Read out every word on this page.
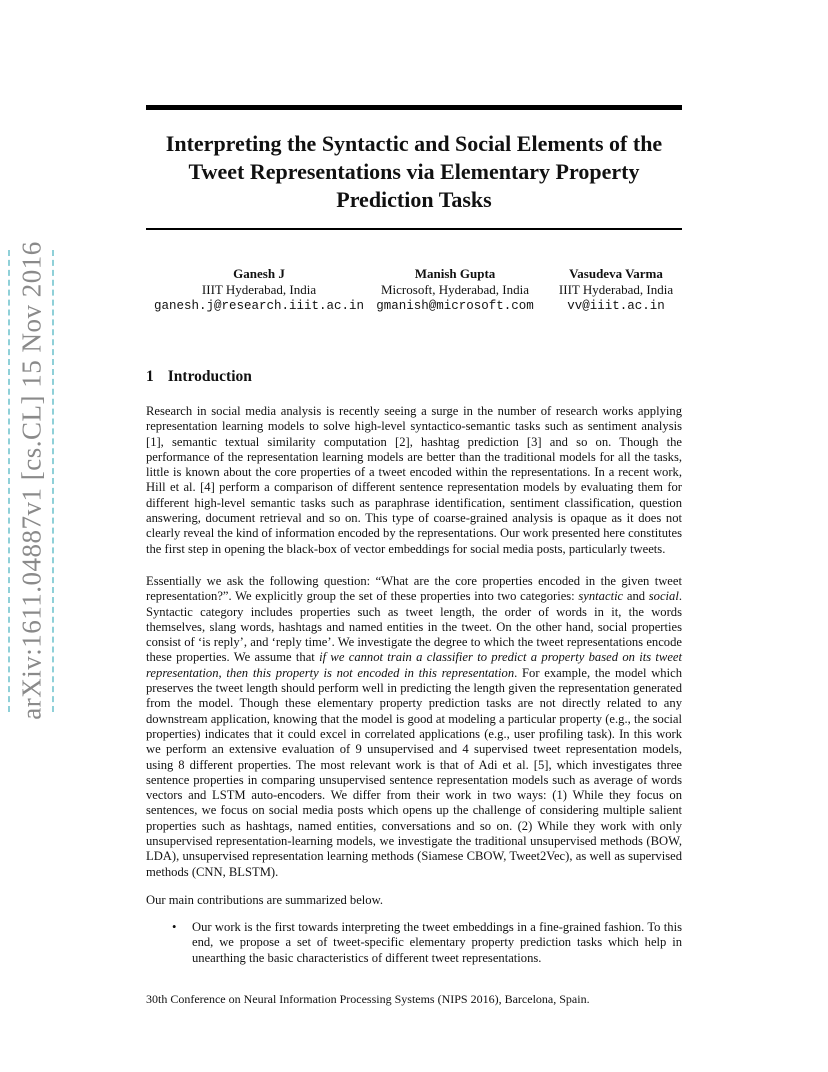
arXiv:1611.04887v1 [cs.CL] 15 Nov 2016
Interpreting the Syntactic and Social Elements of the
Tweet Representations via Elementary Property
Prediction Tasks
Ganesh J
IIIT Hyderabad, India
ganesh.j@research.iiit.ac.in
Manish Gupta
Microsoft, Hyderabad, India
gmanish@microsoft.com
Vasudeva Varma
IIIT Hyderabad, India
vv@iiit.ac.in
1 Introduction
Research in social media analysis is recently seeing a surge in the number of research works applying representation learning models to solve high-level syntactico-semantic tasks such as sentiment analysis [1], semantic textual similarity computation [2], hashtag prediction [3] and so on. Though the performance of the representation learning models are better than the traditional models for all the tasks, little is known about the core properties of a tweet encoded within the representations. In a recent work, Hill et al. [4] perform a comparison of different sentence representation models by evaluating them for different high-level semantic tasks such as paraphrase identification, sentiment classification, question answering, document retrieval and so on. This type of coarse-grained analysis is opaque as it does not clearly reveal the kind of information encoded by the representations. Our work presented here constitutes the first step in opening the black-box of vector embeddings for social media posts, particularly tweets.
Essentially we ask the following question: “What are the core properties encoded in the given tweet representation?”. We explicitly group the set of these properties into two categories: syntactic and social. Syntactic category includes properties such as tweet length, the order of words in it, the words themselves, slang words, hashtags and named entities in the tweet. On the other hand, social properties consist of ‘is reply’, and ‘reply time’. We investigate the degree to which the tweet representations encode these properties. We assume that if we cannot train a classifier to predict a property based on its tweet representation, then this property is not encoded in this representation. For example, the model which preserves the tweet length should perform well in predicting the length given the representation generated from the model. Though these elementary property prediction tasks are not directly related to any downstream application, knowing that the model is good at modeling a particular property (e.g., the social properties) indicates that it could excel in correlated applications (e.g., user profiling task). In this work we perform an extensive evaluation of 9 unsupervised and 4 supervised tweet representation models, using 8 different properties. The most relevant work is that of Adi et al. [5], which investigates three sentence properties in comparing unsupervised sentence representation models such as average of words vectors and LSTM auto-encoders. We differ from their work in two ways: (1) While they focus on sentences, we focus on social media posts which opens up the challenge of considering multiple salient properties such as hashtags, named entities, conversations and so on. (2) While they work with only unsupervised representation-learning models, we investigate the traditional unsupervised methods (BOW, LDA), unsupervised representation learning methods (Siamese CBOW, Tweet2Vec), as well as supervised methods (CNN, BLSTM).
Our main contributions are summarized below.
• Our work is the first towards interpreting the tweet embeddings in a fine-grained fashion. To this end, we propose a set of tweet-specific elementary property prediction tasks which help in unearthing the basic characteristics of different tweet representations.
30th Conference on Neural Information Processing Systems (NIPS 2016), Barcelona, Spain.
